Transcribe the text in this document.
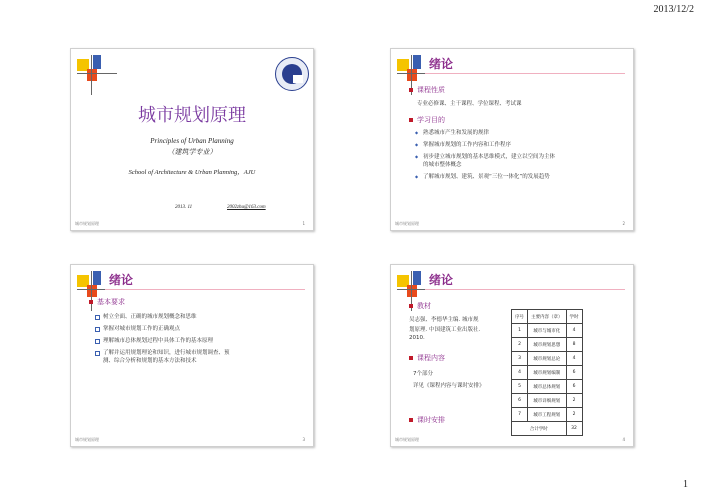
2013/12/2
城市规划原理
Principles of Urban Planning
（建筑学专业）
School of Architecture & Urban Planning，AJU
2013. 11	2002zhu@163.com
城市规划原理	1
绪论
课程性质
专业必修课、主干课程、学位课程、考试课
学习目的
◆ 熟悉城市产生和发展的规律
◆ 掌握城市规划的工作内容和工作程序
◆ 初步建立城市规划的基本思维模式，建立以空间为主体
的城市整体概念
◆ 了解城市规划、建筑、景观“三位一体化”的发展趋势
城市规划原理	2
绪论
基本要求
树立全面、正确的城市规划概念和思维
掌握对城市规划工作的正确观点
理解城市总体规划过程中具体工作的基本原理
了解并运用规划理论和知识，进行城市规划调查、预
测、综合分析和规划的基本方法和技术
城市规划原理	3
绪论
教材
吴志强、李德华主编. 城市规
划原理. 中国建筑工业出版社.
2010.
课程内容
7个部分
详见《课程内容与课时安排》
课时安排
序号	主要内容（章）	学时
1	城市与城市化	4
2	城市规划思想	8
3	城市规划总论	4
4	城市规划编制	6
5	城市总体规划	6
6	城市详细规划	2
7	城市工程规划	2
合计学时		32
城市规划原理	4
1
